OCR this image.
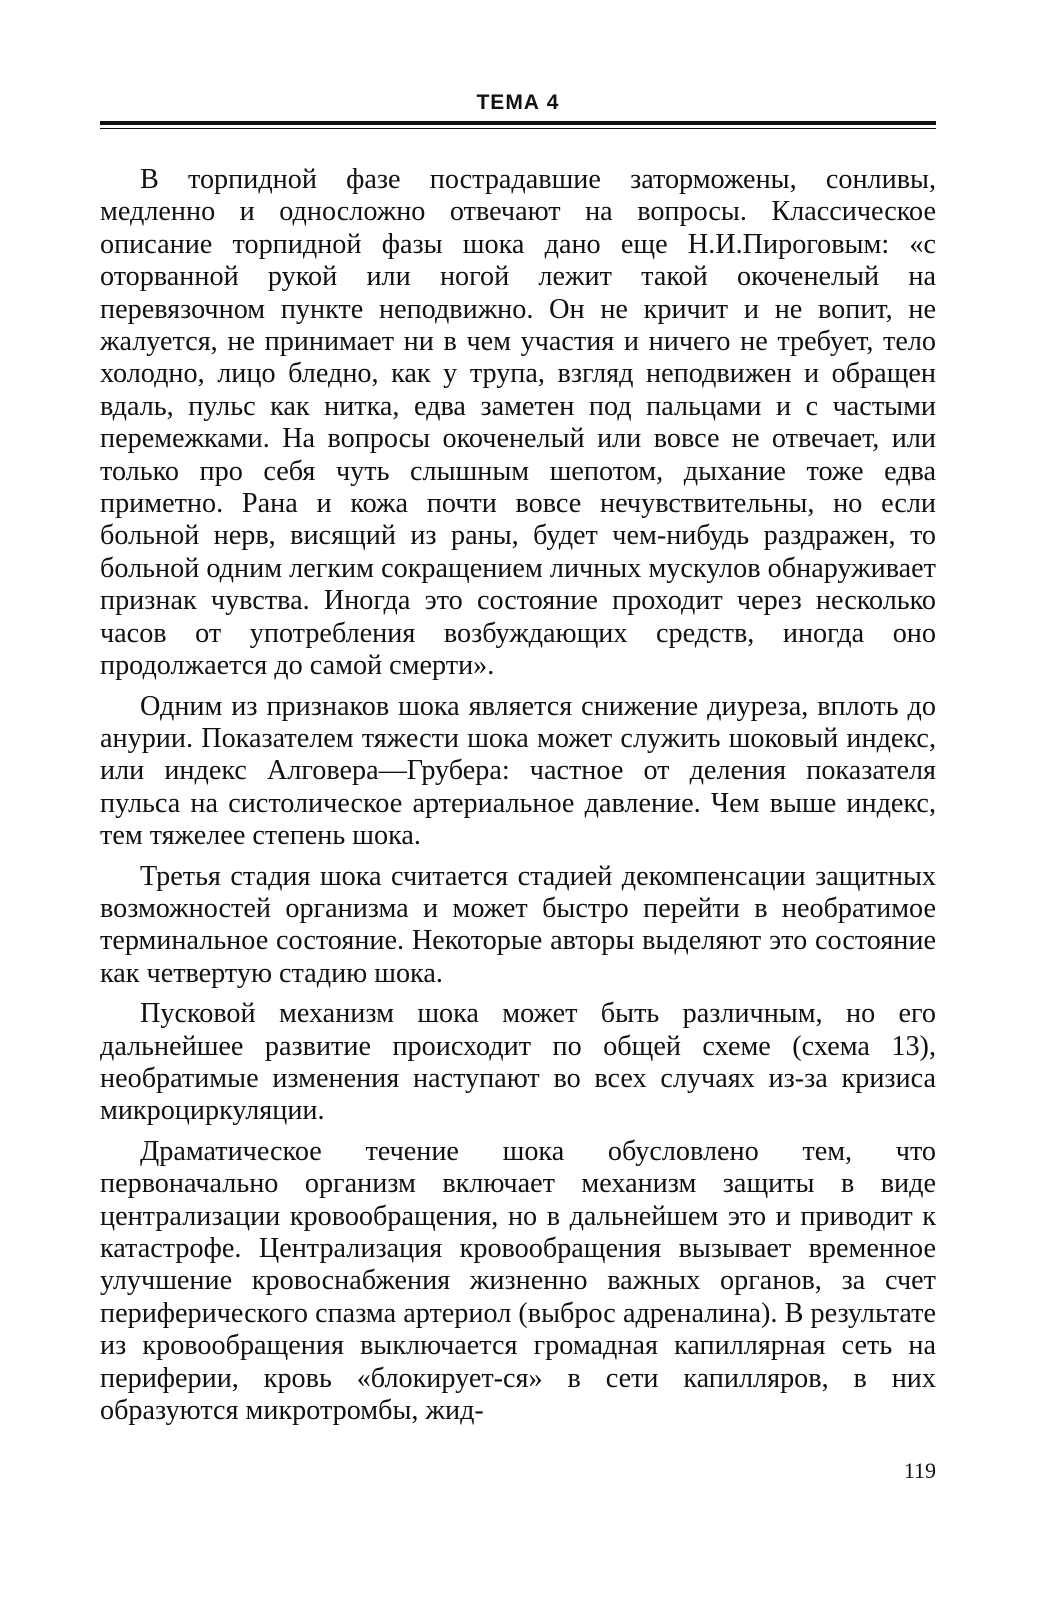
ТЕМА 4

В торпидной фазе пострадавшие заторможены, сонливы, медленно и односложно отвечают на вопросы. Классическое описание торпидной фазы шока дано еще Н.И.Пироговым: «с оторванной рукой или ногой лежит такой окоченелый на перевязочном пункте неподвижно. Он не кричит и не вопит, не жалуется, не принимает ни в чем участия и ничего не требует, тело холодно, лицо бледно, как у трупа, взгляд неподвижен и обращен вдаль, пульс как нитка, едва заметен под пальцами и с частыми перемежками. На вопросы окоченелый или вовсе не отвечает, или только про себя чуть слышным шепотом, дыхание тоже едва приметно. Рана и кожа почти вовсе нечувствительны, но если больной нерв, висящий из раны, будет чем-нибудь раздражен, то больной одним легким сокращением личных мускулов обнаруживает признак чувства. Иногда это состояние проходит через несколько часов от употребления возбуждающих средств, иногда оно продолжается до самой смерти».

Одним из признаков шока является снижение диуреза, вплоть до анурии. Показателем тяжести шока может служить шоковый индекс, или индекс Алговера—Грубера: частное от деления показателя пульса на систолическое артериальное давление. Чем выше индекс, тем тяжелее степень шока.

Третья стадия шока считается стадией декомпенсации защитных возможностей организма и может быстро перейти в необратимое терминальное состояние. Некоторые авторы выделяют это состояние как четвертую стадию шока.

Пусковой механизм шока может быть различным, но его дальнейшее развитие происходит по общей схеме (схема 13), необратимые изменения наступают во всех случаях из-за кризиса микроциркуляции.

Драматическое течение шока обусловлено тем, что первоначально организм включает механизм защиты в виде централизации кровообращения, но в дальнейшем это и приводит к катастрофе. Централизация кровообращения вызывает временное улучшение кровоснабжения жизненно важных органов, за счет периферического спазма артериол (выброс адреналина). В результате из кровообращения выключается громадная капиллярная сеть на периферии, кровь «блокирует-ся» в сети капилляров, в них образуются микротромбы, жид-

119
